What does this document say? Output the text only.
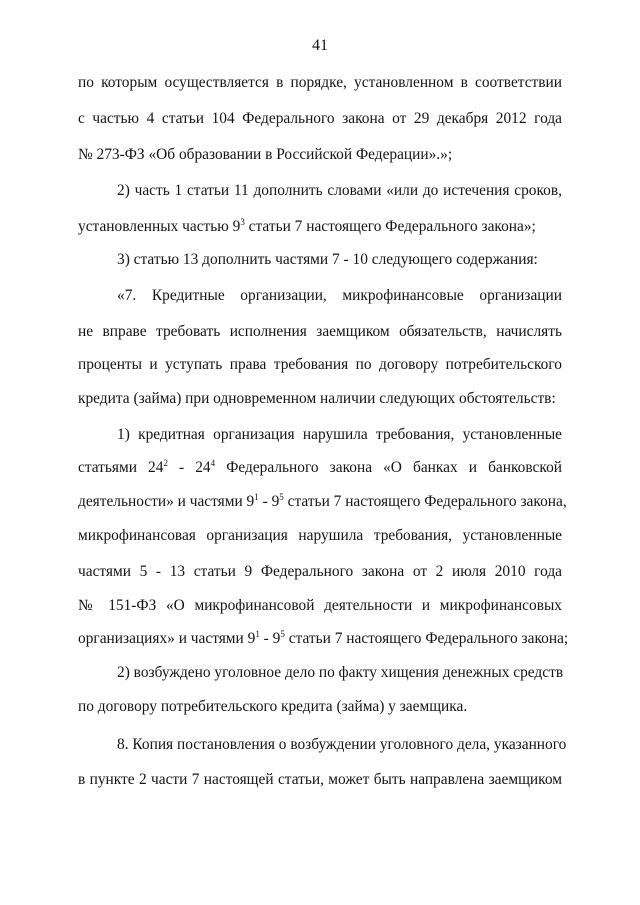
41
по которым осуществляется в порядке, установленном в соответствии
с частью 4 статьи 104 Федерального закона от 29 декабря 2012 года
№ 273-ФЗ «Об образовании в Российской Федерации».»;
2) часть 1 статьи 11 дополнить словами «или до истечения сроков,
установленных частью $9^3$ статьи 7 настоящего Федерального закона»;
3) статью 13 дополнить частями 7 - 10 следующего содержания:
«7. Кредитные организации, микрофинансовые организации
не вправе требовать исполнения заемщиком обязательств, начислять
проценты и уступать права требования по договору потребительского
кредита (займа) при одновременном наличии следующих обстоятельств:
1) кредитная организация нарушила требования, установленные
статьями $24^2 - 24^4$ Федерального закона «О банках и банковской
деятельности» и частями $9^1 - 9^5$ статьи 7 настоящего Федерального закона,
микрофинансовая организация нарушила требования, установленные
частями 5 - 13 статьи 9 Федерального закона от 2 июля 2010 года
№ 151-ФЗ «О микрофинансовой деятельности и микрофинансовых
организациях» и частями $9^1 - 9^5$ статьи 7 настоящего Федерального закона;
2) возбуждено уголовное дело по факту хищения денежных средств
по договору потребительского кредита (займа) у заемщика.
8. Копия постановления о возбуждении уголовного дела, указанного
в пункте 2 части 7 настоящей статьи, может быть направлена заемщиком
